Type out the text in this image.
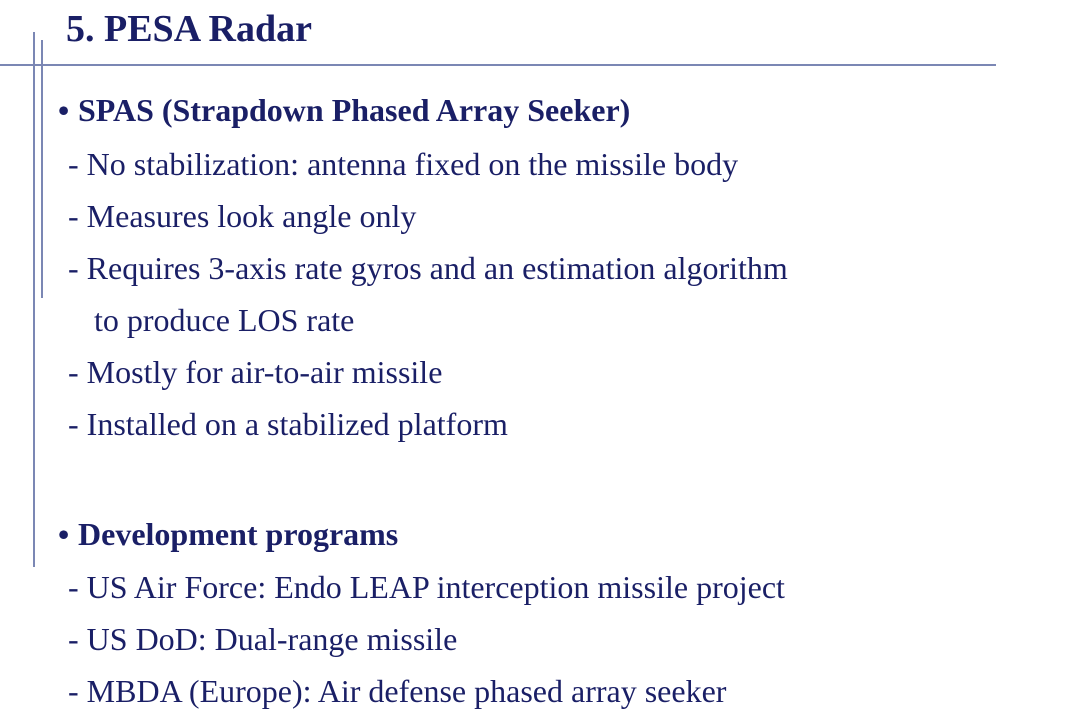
5. PESA Radar
• SPAS (Strapdown Phased Array Seeker)
- No stabilization: antenna fixed on the missile body
- Measures look angle only
- Requires 3-axis rate gyros and an estimation algorithm
to produce LOS rate
- Mostly for air-to-air missile
- Installed on a stabilized platform
• Development programs
- US Air Force: Endo LEAP interception missile project
- US DoD: Dual-range missile
- MBDA (Europe): Air defense phased array seeker
